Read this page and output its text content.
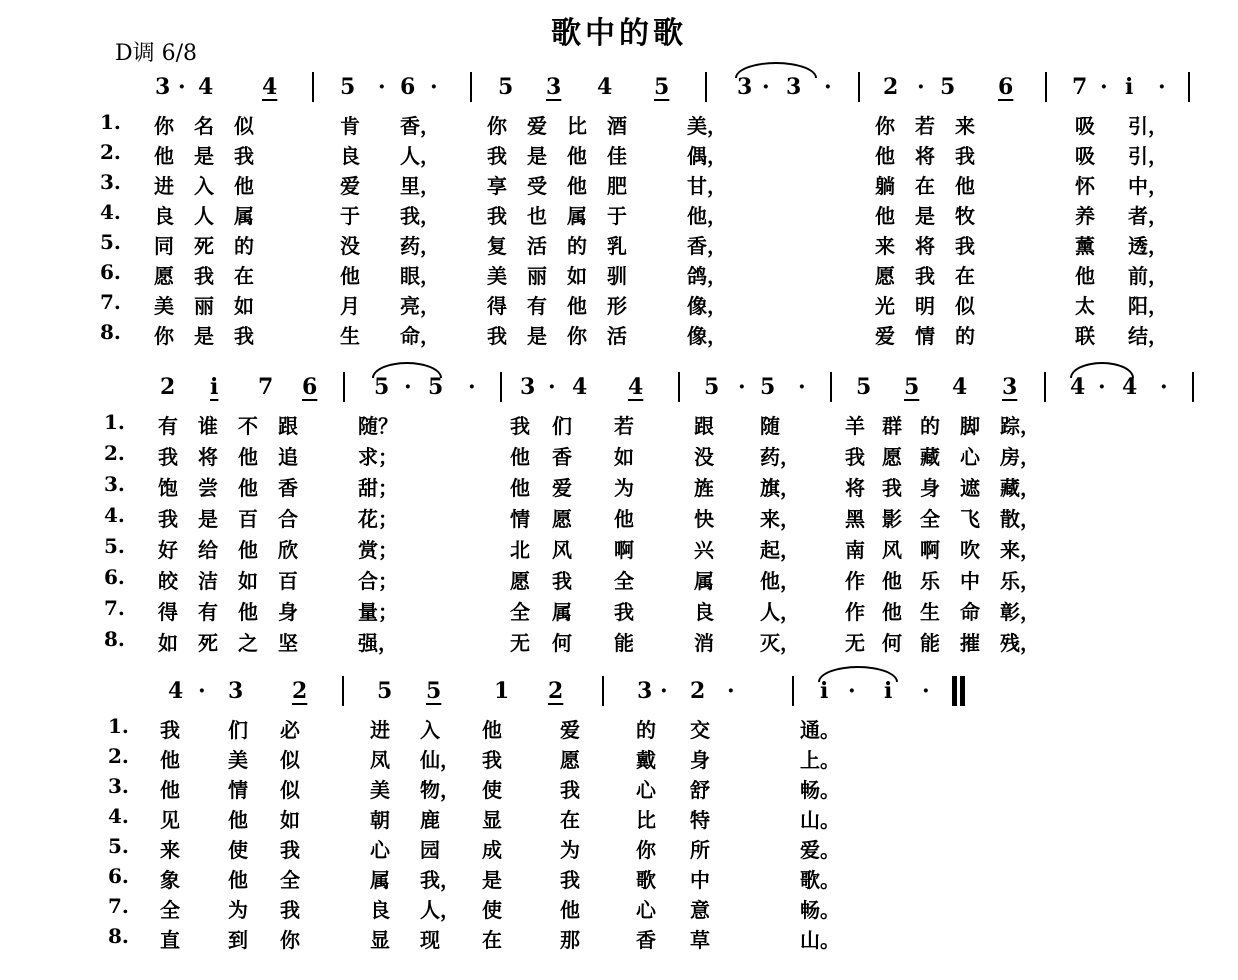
歌中的歌
D调 6/8
3 · 4 4	5 · 6 ·	5 3 4 5	3 · 3 · 2 · 5 6	7 · i ·
1. 你 名 似	肯 香， 你 爱 比 酒	美，	你 若 来	吸 引，
2. 他 是 我	良 人， 我 是 他 佳	偶，	他 将 我	吸 引，
3. 进 入 他	爱 里， 享 受 他 肥	甘，	躺 在 他	怀 中，
4. 良 人 属	于 我， 我 也 属 于	他，	他 是 牧	养 者，
5. 同 死 的	没 药， 复 活 的 乳	香，	来 将 我	薰 透，
6. 愿 我 在	他 眼， 美 丽 如 驯	鸽，	愿 我 在	他 前，
7. 美 丽 如	月 亮， 得 有 他 形	像，	光 明 似	太 阳，
8. 你 是 我	生 命， 我 是 你 活	像，	爱 情 的	联 结，
2 i 7 6	5 · 5 · 3 · 4 4	5 · 5 · 5 5 4 3 4 · 4 ·
1. 有 谁 不 跟	随？	我 们 若	跟 随	羊 群 的 脚 踪，
2. 我 将 他 追	求；	他 香 如	没 药， 我 愿 藏 心 房，
3. 饱 尝 他 香	甜；	他 爱 为	旌 旗， 将 我 身 遮 藏，
4. 我 是 百 合	花；	情 愿 他	快 来， 黑 影 全 飞 散，
5. 好 给 他 欣	赏；	北 风 啊	兴 起， 南 风 啊 吹 来，
6. 皎 洁 如 百	合；	愿 我 全	属 他， 作 他 乐 中 乐，
7. 得 有 他 身	量；	全 属 我	良 人， 作 他 生 命 彰，
8. 如 死 之 坚	强，	无 何 能	消 灭， 无 何 能 摧 残，
4 · 3 2	5 5 1 2	3 · 2 ·	i · i ·
1. 我 们 必	进 入 他	爱	的 交	通。
2. 他 美 似	凤 仙， 我	愿	戴 身	上。
3. 他 情 似	美 物， 使	我	心 舒	畅。
4. 见 他 如	朝 鹿 显	在	比 特	山。
5. 来 使 我	心 园 成	为	你 所	爱。
6. 象 他 全	属 我， 是	我	歌 中	歌。
7. 全 为 我	良 人， 使	他	心 意	畅。
8. 直 到 你	显 现 在	那	香 草	山。
